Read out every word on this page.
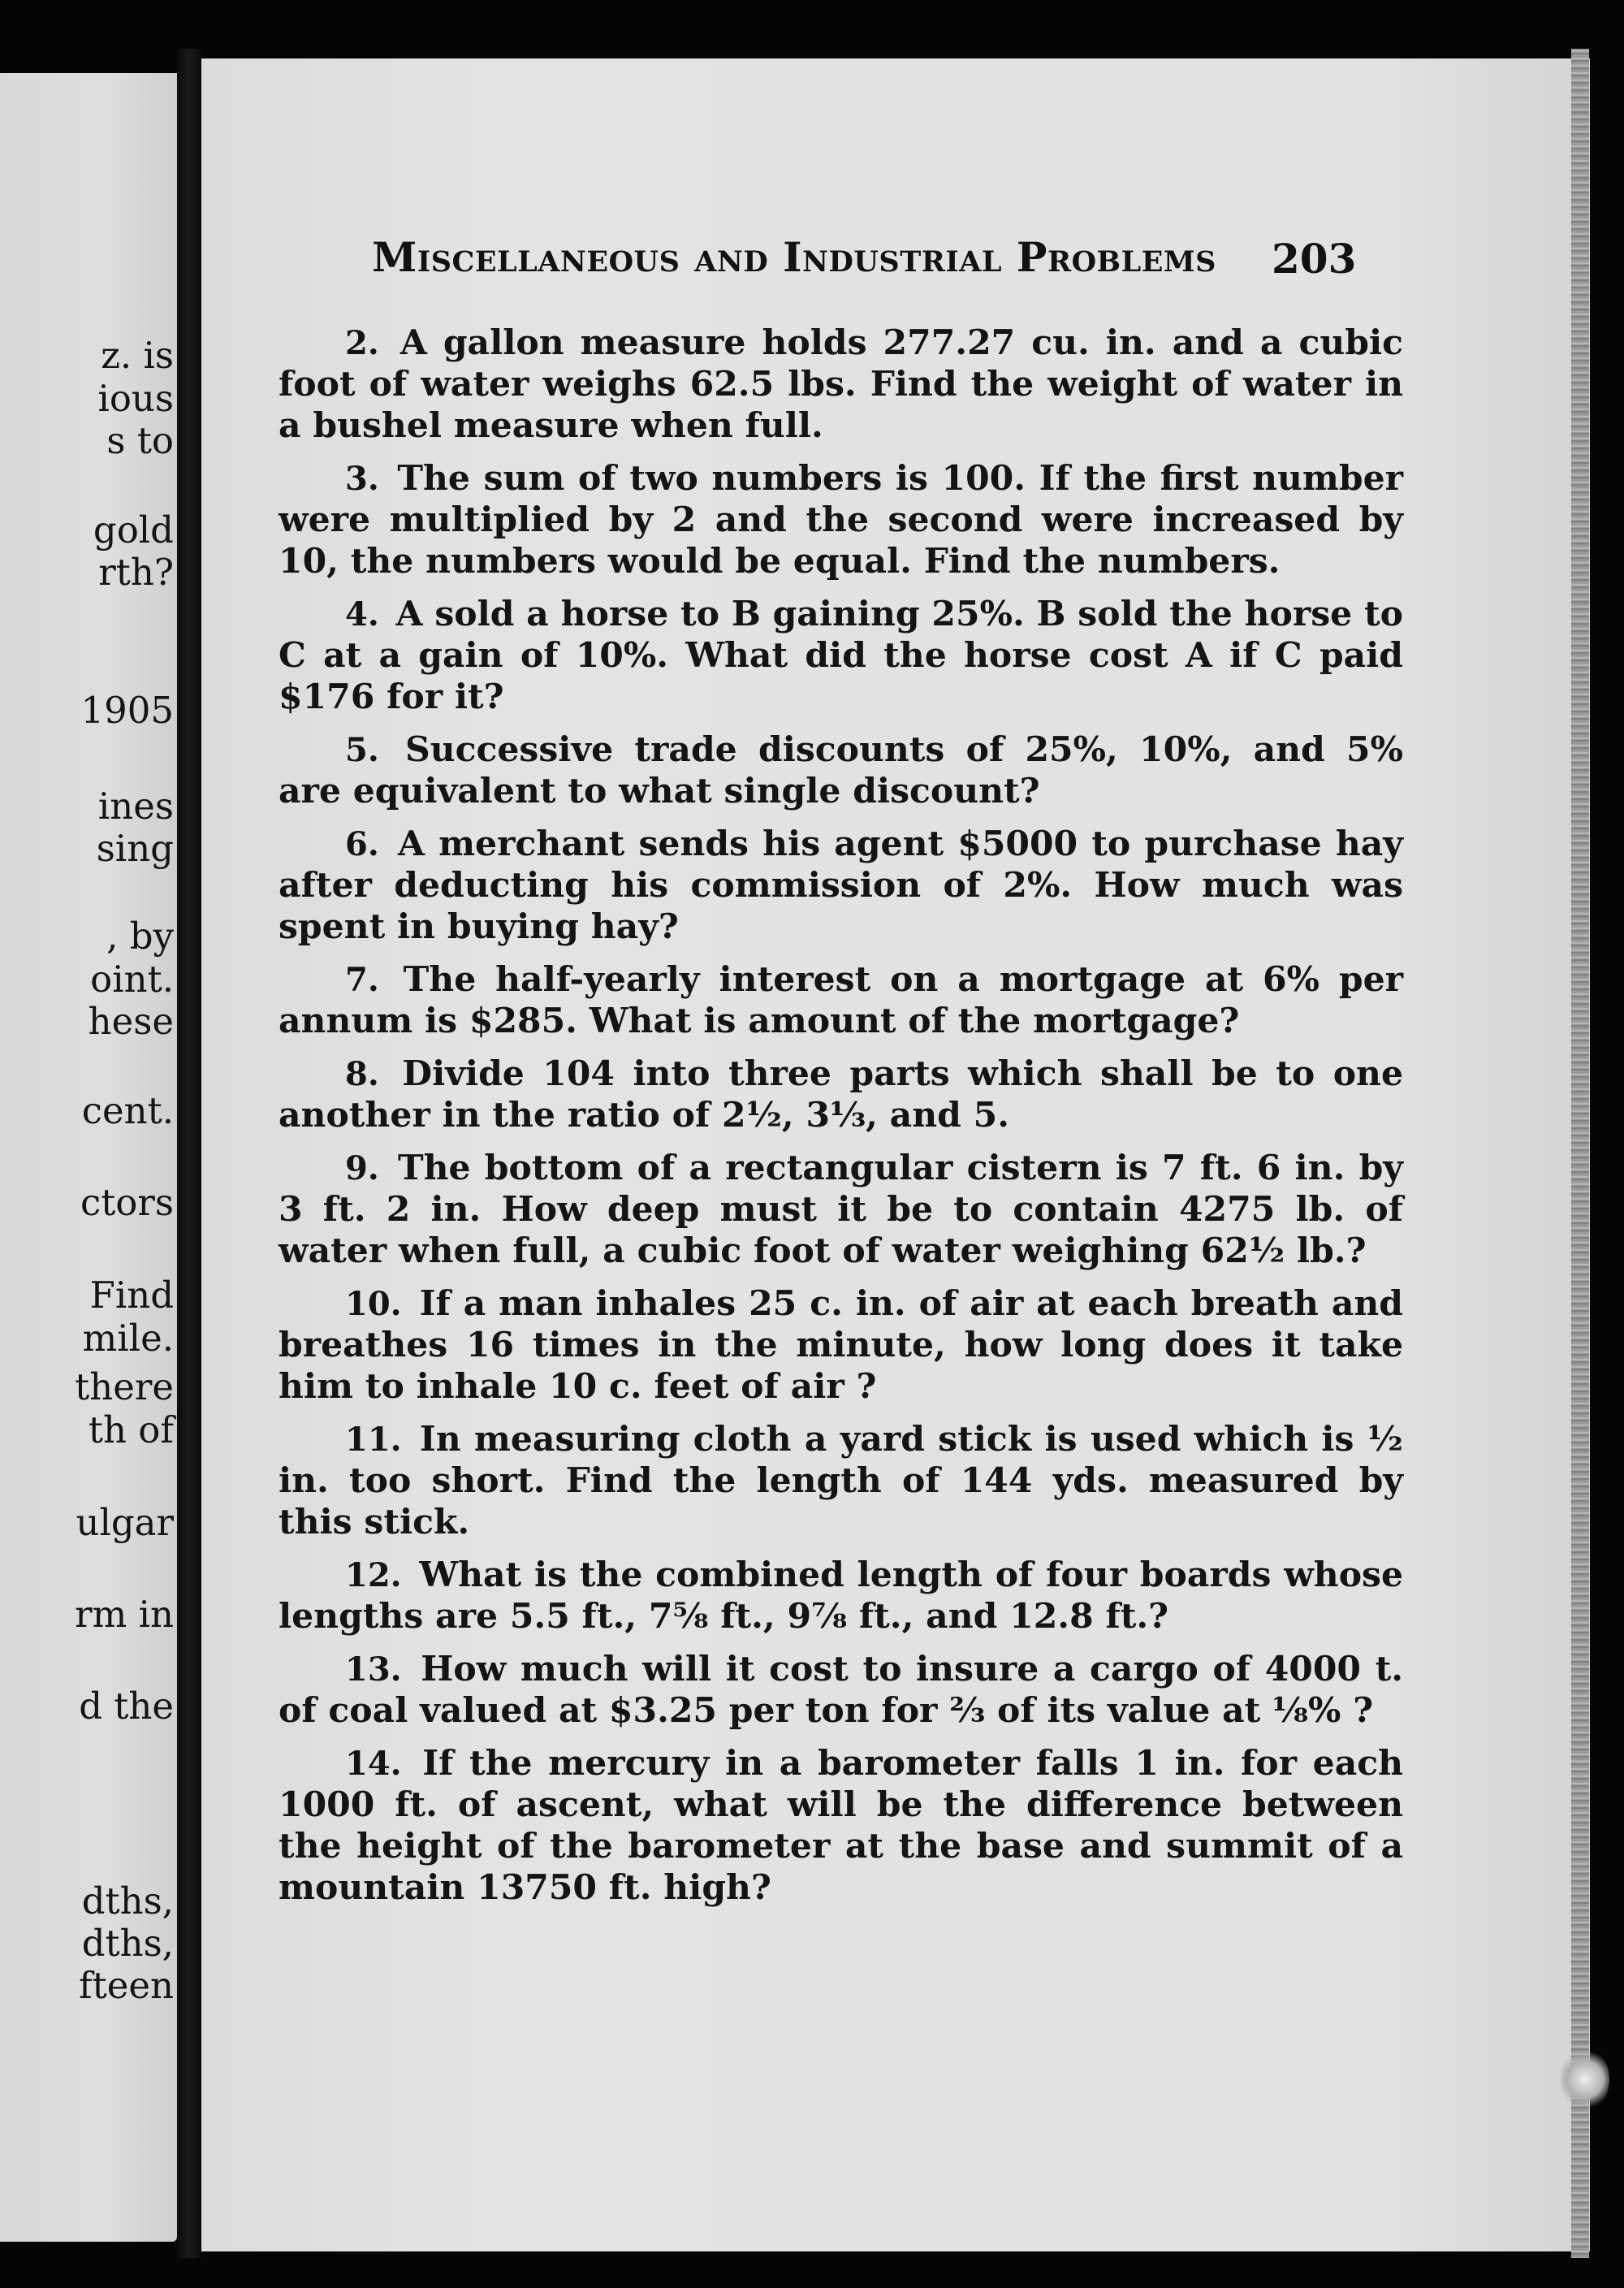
z. is
ious
s to
gold
rth?
1905
ines
sing
, by
oint.
hese
cent.
ctors
Find
mile.
there
th of
ulgar
rm in
d the
dths,
dths,
fteen
Miscellaneous and Industrial Problems	203

2. A gallon measure holds 277.27 cu. in. and a cubic foot of water weighs 62.5 lbs. Find the weight of water in a bushel measure when full.

3. The sum of two numbers is 100. If the first number were multiplied by 2 and the second were increased by 10, the numbers would be equal. Find the numbers.

4. A sold a horse to B gaining 25%. B sold the horse to C at a gain of 10%. What did the horse cost A if C paid $176 for it?

5. Successive trade discounts of 25%, 10%, and 5% are equivalent to what single discount?

6. A merchant sends his agent $5000 to purchase hay after deducting his commission of 2%. How much was spent in buying hay?

7. The half-yearly interest on a mortgage at 6% per annum is $285. What is amount of the mortgage?

8. Divide 104 into three parts which shall be to one another in the ratio of 2½, 3⅓, and 5.

9. The bottom of a rectangular cistern is 7 ft. 6 in. by 3 ft. 2 in. How deep must it be to contain 4275 lb. of water when full, a cubic foot of water weighing 62½ lb.?

10. If a man inhales 25 c. in. of air at each breath and breathes 16 times in the minute, how long does it take him to inhale 10 c. feet of air ?

11. In measuring cloth a yard stick is used which is ½ in. too short. Find the length of 144 yds. measured by this stick.

12. What is the combined length of four boards whose lengths are 5.5 ft., 7⅝ ft., 9⅞ ft., and 12.8 ft.?

13. How much will it cost to insure a cargo of 4000 t. of coal valued at $3.25 per ton for ⅔ of its value at ⅛% ?

14. If the mercury in a barometer falls 1 in. for each 1000 ft. of ascent, what will be the difference between the height of the barometer at the base and summit of a mountain 13750 ft. high?
